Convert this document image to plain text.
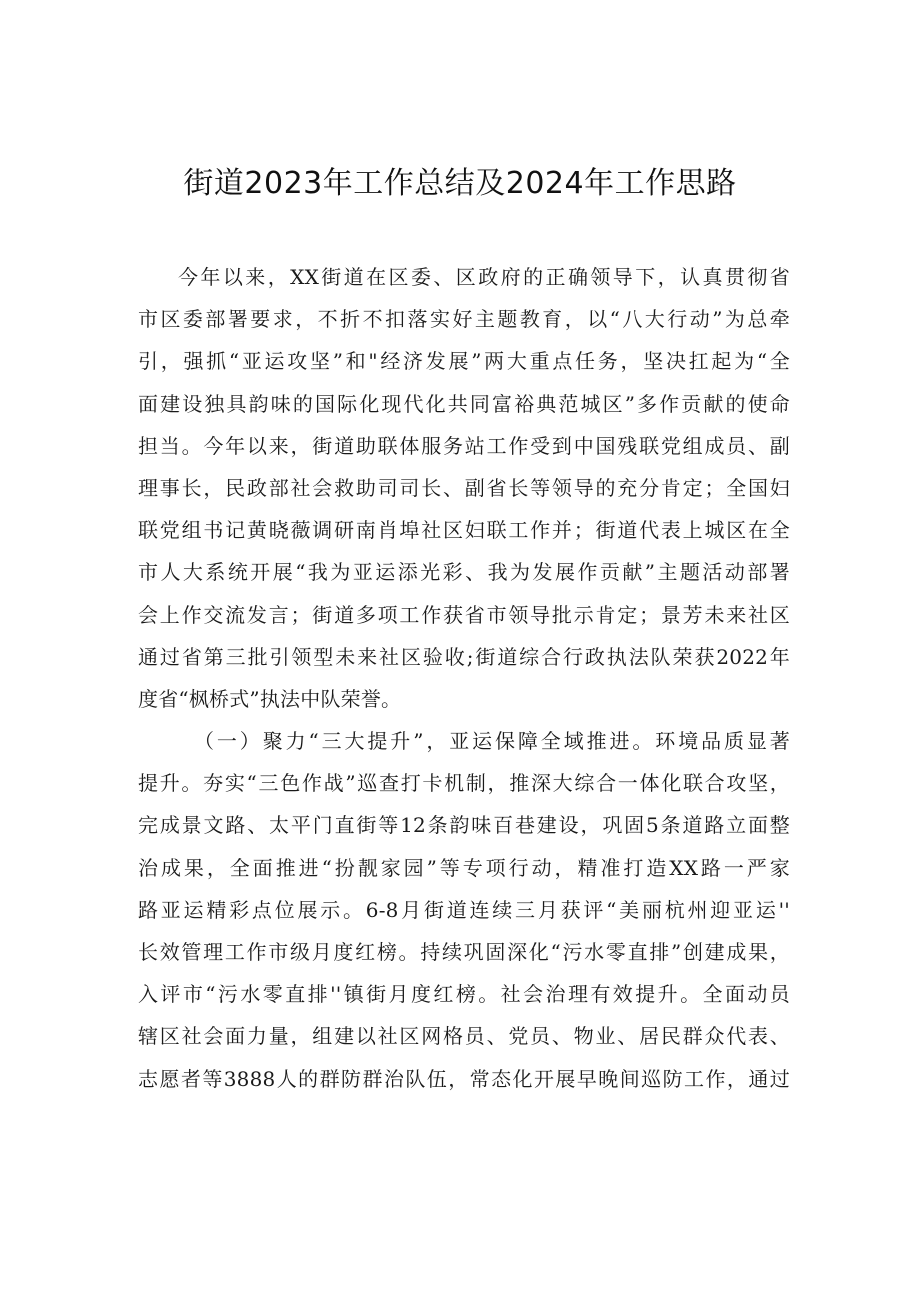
街道2023年工作总结及2024年工作思路
今年以来，XX街道在区委、区政府的正确领导下，认真贯彻省
市区委部署要求，不折不扣落实好主题教育，以“八大行动”为总牵
引，强抓“亚运攻坚”和"经济发展”两大重点任务，坚决扛起为“全
面建设独具韵味的国际化现代化共同富裕典范城区”多作贡献的使命
担当。今年以来，街道助联体服务站工作受到中国残联党组成员、副
理事长，民政部社会救助司司长、副省长等领导的充分肯定；全国妇
联党组书记黄晓薇调研南肖埠社区妇联工作并；街道代表上城区在全
市人大系统开展“我为亚运添光彩、我为发展作贡献”主题活动部署
会上作交流发言；街道多项工作获省市领导批示肯定；景芳未来社区
通过省第三批引领型未来社区验收;街道综合行政执法队荣获2022年
度省“枫桥式”执法中队荣誉。
（一）聚力“三大提升”，亚运保障全域推进。环境品质显著
提升。夯实“三色作战”巡查打卡机制，推深大综合一体化联合攻坚，
完成景文路、太平门直街等12条韵味百巷建设，巩固5条道路立面整
治成果，全面推进“扮靓家园”等专项行动，精准打造XX路一严家
路亚运精彩点位展示。6-8月街道连续三月获评“美丽杭州迎亚运''
长效管理工作市级月度红榜。持续巩固深化“污水零直排”创建成果，
入评市“污水零直排''镇街月度红榜。社会治理有效提升。全面动员
辖区社会面力量，组建以社区网格员、党员、物业、居民群众代表、
志愿者等3888人的群防群治队伍，常态化开展早晚间巡防工作，通过
